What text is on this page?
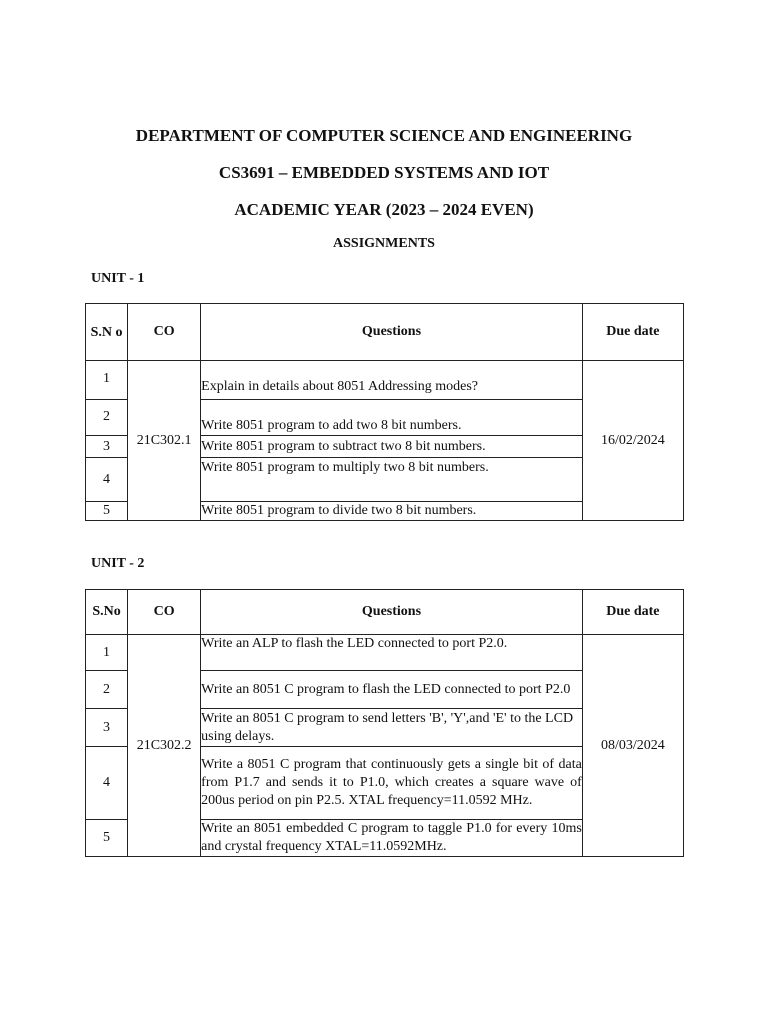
DEPARTMENT OF COMPUTER SCIENCE AND ENGINEERING
CS3691 – EMBEDDED SYSTEMS AND IOT
ACADEMIC YEAR (2023 – 2024 EVEN)
ASSIGNMENTS
UNIT - 1
S.N o	CO	Questions	Due date
1	21C302.1	Explain in details about 8051 Addressing modes?	16/02/2024
2		Write 8051 program to add two 8 bit numbers.	
3		Write 8051 program to subtract two 8 bit numbers.	
4		Write 8051 program to multiply two 8 bit numbers.	
5		Write 8051 program to divide two 8 bit numbers.	
UNIT - 2
S.No	CO	Questions	Due date
1	21C302.2	Write an ALP to flash the LED connected to port P2.0.	08/03/2024
2		Write an 8051 C program to flash the LED connected to port P2.0	
3		Write an 8051 C program to send letters 'B', 'Y',and 'E' to the LCD using delays.	
4		Write a 8051 C program that continuously gets a single bit of data from P1.7 and sends it to P1.0, which creates a square wave of 200us period on pin P2.5. XTAL frequency=11.0592 MHz.	
5		Write an 8051 embedded C program to taggle P1.0 for every 10ms and crystal frequency XTAL=11.0592MHz.	
